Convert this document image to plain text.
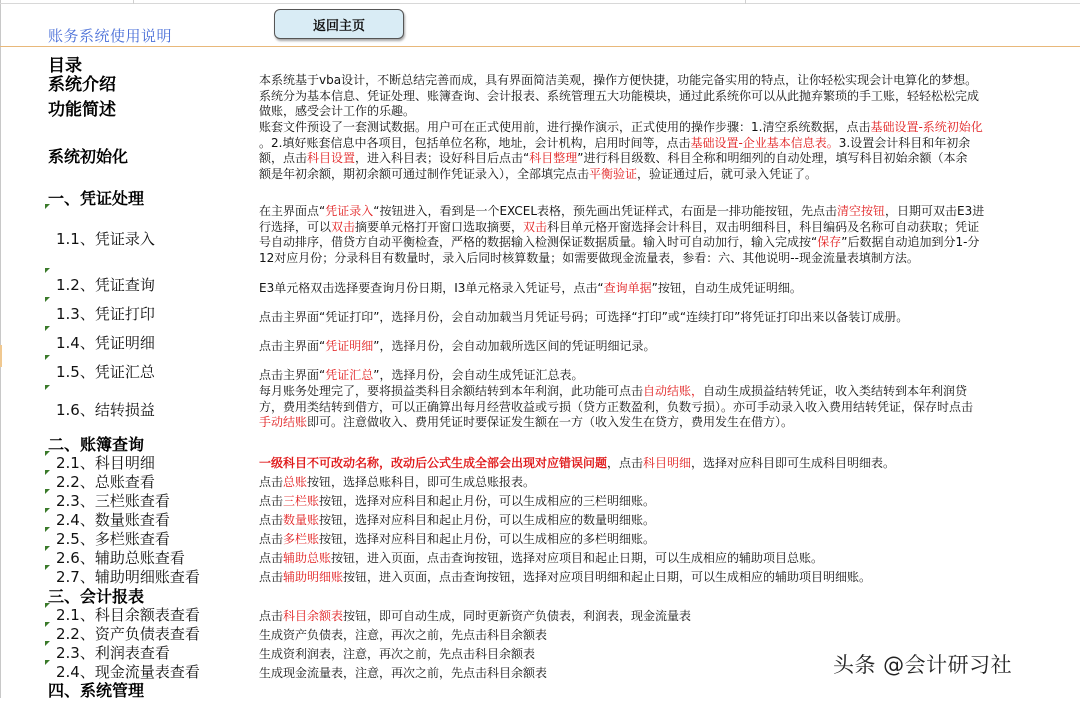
账务系统使用说明
返回主页
目录
系统介绍
功能简述
系统初始化
一、凭证处理
1.1、凭证录入
1.2、凭证查询
1.3、凭证打印
1.4、凭证明细
1.5、凭证汇总
1.6、结转损益
二、账簿查询
2.1、科目明细
2.2、总账查看
2.3、三栏账查看
2.4、数量账查看
2.5、多栏账查看
2.6、辅助总账查看
2.7、辅助明细账查看
三、会计报表
2.1、科目余额表查看
2.2、资产负债表查看
2.3、利润表查看
2.4、现金流量表查看
四、系统管理
本系统基于vba设计，不断总结完善而成，具有界面简洁美观，操作方便快捷，功能完备实用的特点，让你轻松实现会计电算化的梦想。
系统分为基本信息、凭证处理、账簿查询、会计报表、系统管理五大功能模块，通过此系统你可以从此抛弃繁琐的手工账，轻轻松松完成
做账，感受会计工作的乐趣。
账套文件预设了一套测试数据。用户可在正式使用前，进行操作演示，正式使用的操作步骤：1.清空系统数据，点击基础设置-系统初始化
。2.填好账套信息中各项目，包括单位名称，地址，会计机构，启用时间等，点击基础设置-企业基本信息表。3.设置会计科目和年初余
额，点击科目设置，进入科目表；设好科目后点击“科目整理”进行科目级数、科目全称和明细列的自动处理，填写科目初始余额（本余
额是年初余额，期初余额可通过制作凭证录入），全部填完点击平衡验证，验证通过后，就可录入凭证了。
在主界面点“凭证录入“按钮进入，看到是一个EXCEL表格，预先画出凭证样式，右面是一排功能按钮，先点击清空按钮，日期可双击E3进
行选择，可以双击摘要单元格打开窗口选取摘要，双击科目单元格开窗选择会计科目，双击明细科目，科目编码及名称可自动获取；凭证
号自动排序，借贷方自动平衡检查，严格的数据输入检测保证数据质量。输入时可自动加行，输入完成按“保存”后数据自动追加到分1-分
12对应月份；分录科目有数量时，录入后同时核算数量；如需要做现金流量表，参看：六、其他说明--现金流量表填制方法。
E3单元格双击选择要查询月份日期，I3单元格录入凭证号，点击“查询单据”按钮，自动生成凭证明细。
点击主界面“凭证打印”，选择月份，会自动加载当月凭证号码；可选择“打印”或“连续打印”将凭证打印出来以备装订成册。
点击主界面“凭证明细”，选择月份，会自动加载所选区间的凭证明细记录。
点击主界面“凭证汇总”，选择月份，会自动生成凭证汇总表。
每月账务处理完了，要将损益类科目余额结转到本年利润，此功能可点击自动结账，自动生成损益结转凭证，收入类结转到本年利润贷
方，费用类结转到借方，可以正确算出每月经营收益或亏损（贷方正数盈利，负数亏损）。亦可手动录入收入费用结转凭证，保存时点击
手动结账即可。注意做收入、费用凭证时要保证发生额在一方（收入发生在贷方，费用发生在借方）。
一级科目不可改动名称，改动后公式生成全部会出现对应错误问题，点击科目明细，选择对应科目即可生成科目明细表。
点击总账按钮，选择总账科目，即可生成总账报表。
点击三栏账按钮，选择对应科目和起止月份，可以生成相应的三栏明细账。
点击数量账按钮，选择对应科目和起止月份，可以生成相应的数量明细账。
点击多栏账按钮，选择对应科目和起止月份，可以生成相应的多栏明细账。
点击辅助总账按钮，进入页面，点击查询按钮，选择对应项目和起止日期，可以生成相应的辅助项目总账。
点击辅助明细账按钮，进入页面，点击查询按钮，选择对应项目明细和起止日期，可以生成相应的辅助项目明细账。
点击科目余额表按钮，即可自动生成，同时更新资产负债表，利润表，现金流量表
生成资产负债表，注意，再次之前，先点击科目余额表
生成资利润表，注意，再次之前，先点击科目余额表
生成现金流量表，注意，再次之前，先点击科目余额表	头条 @会计研习社
